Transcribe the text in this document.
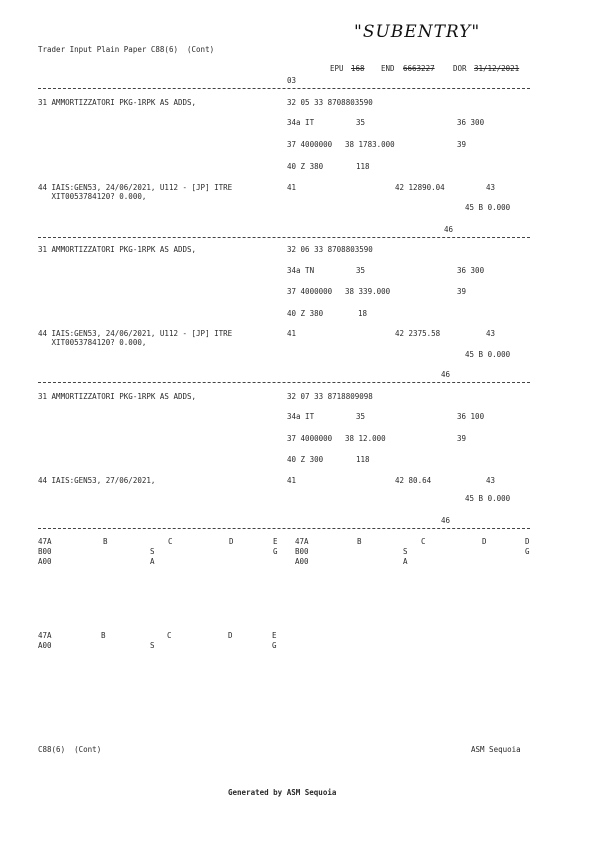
Trader Input Plain Paper C88(6)  (Cont)
"SUBENTRY"
EPU 168 END 6663227 DOR 31/12/2021
03
31 AMMORTIZZATORI PKG-1RPK AS ADDS,	32 05 33 8708803590
34a IT	35	36 300
37 4000000 38 1783.000	39
40 Z 380	118
44 IAIS:GEN53, 24/06/2021, U112 - [JP] ITRE
XIT0053784120? 0.000,
41	42 12890.04	43
45 B 0.000
46
31 AMMORTIZZATORI PKG-1RPK AS ADDS,	32 06 33 8708803590
34a TN	35	36 300
37 4000000 38 339.000	39
40 Z 380	18
44 IAIS:GEN53, 24/06/2021, U112 - [JP] ITRE
XIT0053784120? 0.000,
41	42 2375.58	43
45 B 0.000
46
31 AMMORTIZZATORI PKG-1RPK AS ADDS,	32 07 33 8718809098
34a IT	35	36 100
37 4000000 38 12.000	39
40 Z 300	118
44 IAIS:GEN53, 27/06/2021,	41	42 80.64	43
45 B 0.000
46
47A	B	C	D	E
B00	S	G
A00	A
47A	B	C	D	D
B00	S	G
A00	A
47A	B	C	D	E
A00	S	G
C88(6)  (Cont)	ASM Sequoia
Generated by ASM Sequoia
